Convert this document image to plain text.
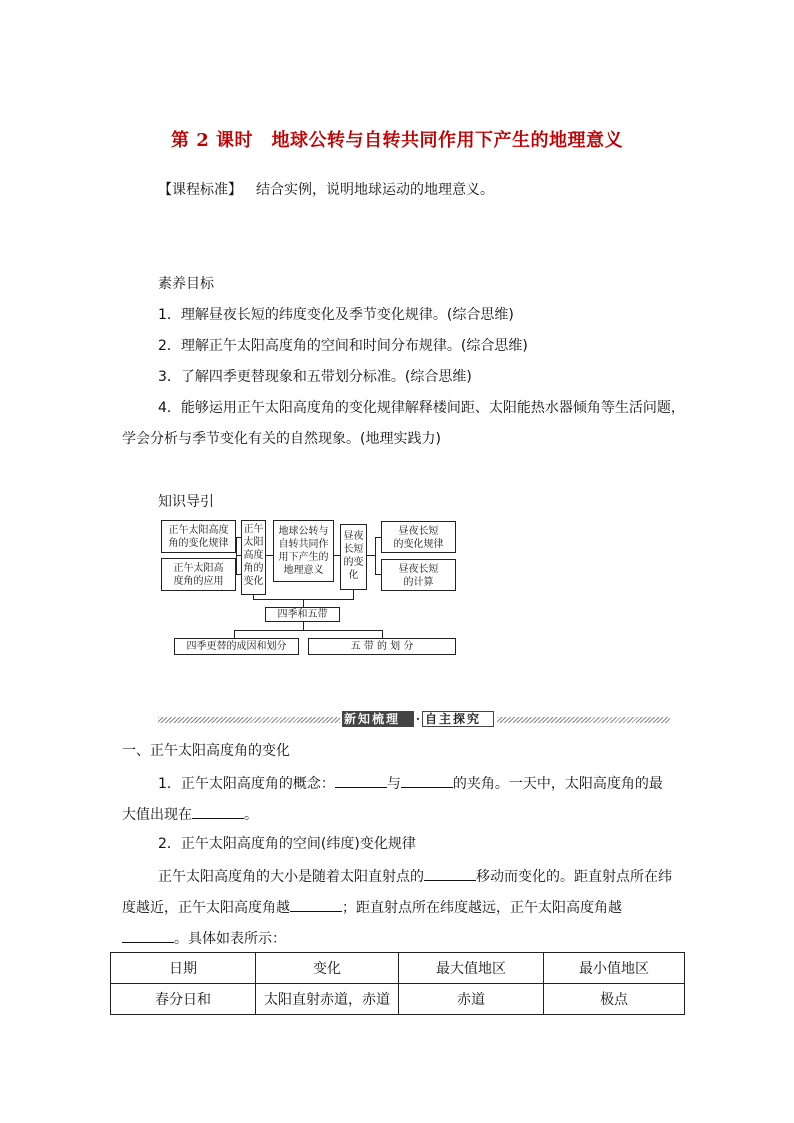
第 2 课时　地球公转与自转共同作用下产生的地理意义
【课程标准】 结合实例，说明地球运动的地理意义。
素养目标
1．理解昼夜长短的纬度变化及季节变化规律。(综合思维)
2．理解正午太阳高度角的空间和时间分布规律。(综合思维)
3．了解四季更替现象和五带划分标准。(综合思维)
4．能够运用正午太阳高度角的变化规律解释楼间距、太阳能热水器倾角等生活问题，
学会分析与季节变化有关的自然现象。(地理实践力)
知识导引
正午太阳高度
角的变化规律
正午太阳高
度角的应用
正午
太阳
高度
角的
变化
地球公转与
自转共同作
用下产生的
地理意义
昼夜
长短
的变
化
昼夜长短
的变化规律
昼夜长短
的计算
四季和五带
四季更替的成因和划分	五 带 的 划 分
新知梳理	· 自主探究
一、正午太阳高度角的变化
1．正午太阳高度角的概念：	与	的夹角。一天中，太阳高度角的最
大值出现在	。
2．正午太阳高度角的空间(纬度)变化规律
正午太阳高度角的大小是随着太阳直射点的	移动而变化的。距直射点所在纬
度越近，正午太阳高度角越	；距直射点所在纬度越远，正午太阳高度角越
。具体如表所示：
日期	变化	最大值地区	最小值地区
春分日和	太阳直射赤道，赤道	赤道	极点
